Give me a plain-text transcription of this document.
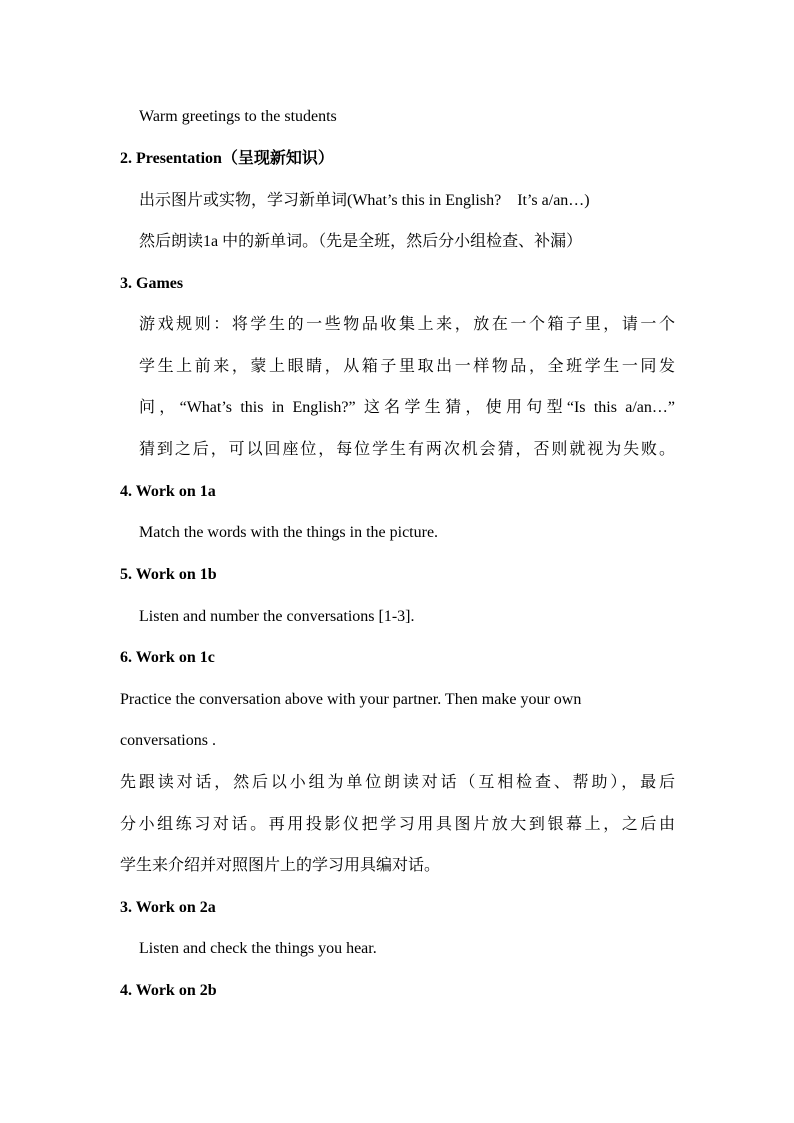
Warm greetings to the students
2. Presentation（呈现新知识）
出示图片或实物，学习新单词(What’s this in English?　It’s a/an…)
然后朗读1a 中的新单词。（先是全班，然后分小组检查、补漏）
3. Games
游戏规则：将学生的一些物品收集上来，放在一个箱子里，请一个
学生上前来，蒙上眼睛，从箱子里取出一样物品，全班学生一同发
问，“What’s this in English?” 这名学生猜，使用句型“Is this a/an…”
猜到之后，可以回座位，每位学生有两次机会猜，否则就视为失败。
4. Work on 1a
Match the words with the things in the picture.
5. Work on 1b
Listen and number the conversations [1-3].
6. Work on 1c
Practice the conversation above with your partner. Then make your own
conversations .
先跟读对话，然后以小组为单位朗读对话（互相检查、帮助），最后
分小组练习对话。再用投影仪把学习用具图片放大到银幕上，之后由
学生来介绍并对照图片上的学习用具编对话。
3. Work on 2a
Listen and check the things you hear.
4. Work on 2b
